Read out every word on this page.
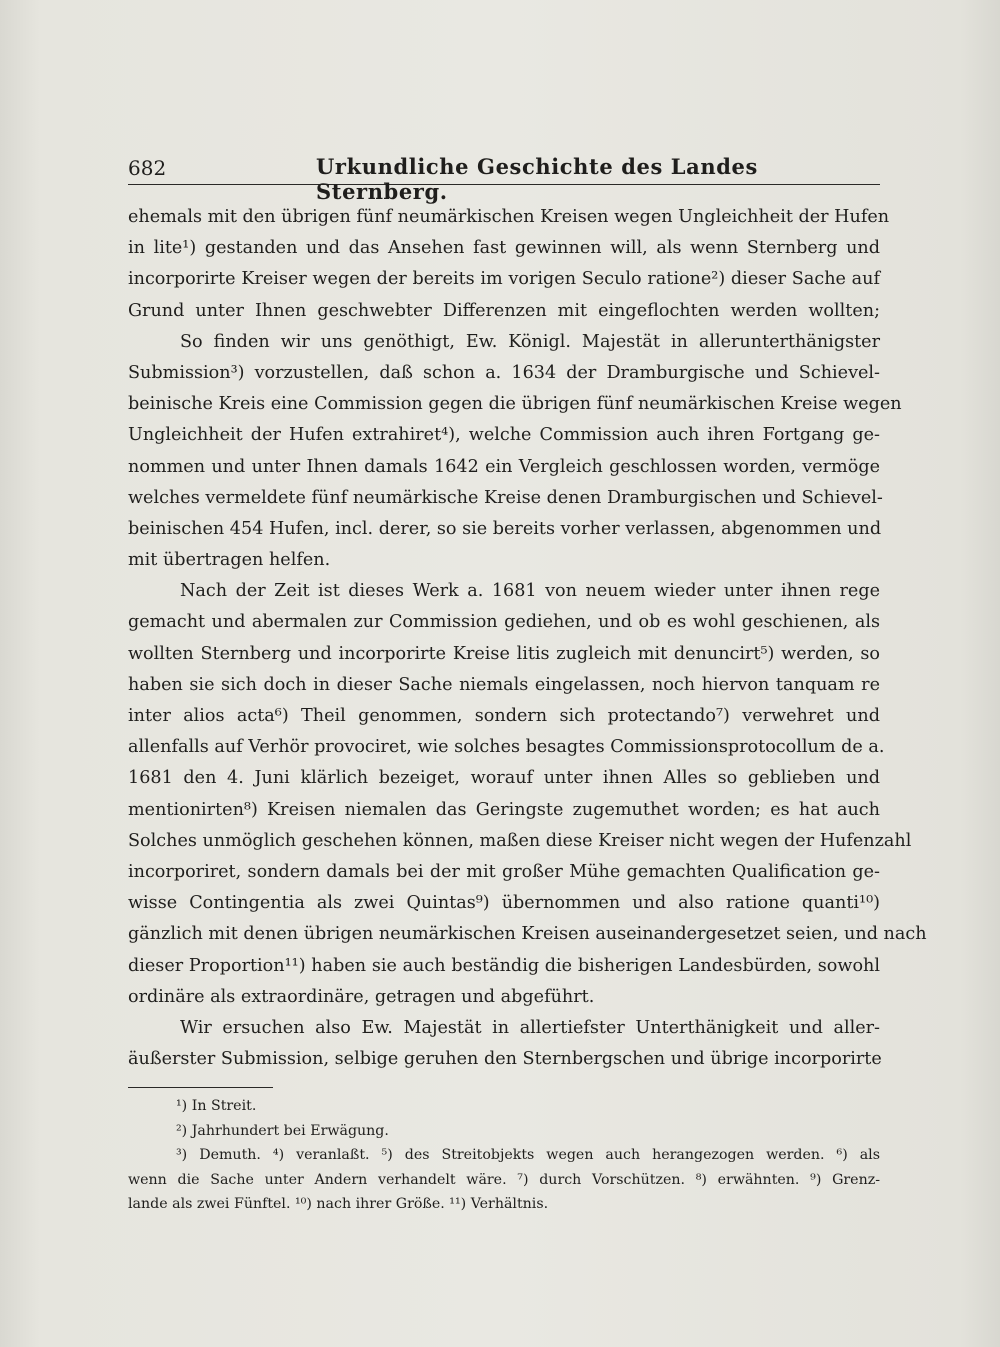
682	Urkundliche Geschichte des Landes Sternberg.
ehemals mit den übrigen fünf neumärkischen Kreisen wegen Ungleichheit der Hufen
in lite¹) gestanden und das Ansehen fast gewinnen will, als wenn Sternberg und
incorporirte Kreiser wegen der bereits im vorigen Seculo ratione²) dieser Sache auf
Grund unter Ihnen geschwebter Differenzen mit eingeflochten werden wollten;
So finden wir uns genöthigt, Ew. Königl. Majestät in allerunterthänigster
Submission³) vorzustellen, daß schon a. 1634 der Dramburgische und Schievel-
beinische Kreis eine Commission gegen die übrigen fünf neumärkischen Kreise wegen
Ungleichheit der Hufen extrahiret⁴), welche Commission auch ihren Fortgang ge-
nommen und unter Ihnen damals 1642 ein Vergleich geschlossen worden, vermöge
welches vermeldete fünf neumärkische Kreise denen Dramburgischen und Schievel-
beinischen 454 Hufen, incl. derer, so sie bereits vorher verlassen, abgenommen und
mit übertragen helfen.
Nach der Zeit ist dieses Werk a. 1681 von neuem wieder unter ihnen rege
gemacht und abermalen zur Commission gediehen, und ob es wohl geschienen, als
wollten Sternberg und incorporirte Kreise litis zugleich mit denuncirt⁵) werden, so
haben sie sich doch in dieser Sache niemals eingelassen, noch hiervon tanquam re
inter alios acta⁶) Theil genommen, sondern sich protectando⁷) verwehret und
allenfalls auf Verhör provociret, wie solches besagtes Commissionsprotocollum de a.
1681 den 4. Juni klärlich bezeiget, worauf unter ihnen Alles so geblieben und
mentionirten⁸) Kreisen niemalen das Geringste zugemuthet worden; es hat auch
Solches unmöglich geschehen können, maßen diese Kreiser nicht wegen der Hufenzahl
incorporiret, sondern damals bei der mit großer Mühe gemachten Qualification ge-
wisse Contingentia als zwei Quintas⁹) übernommen und also ratione quanti¹⁰)
gänzlich mit denen übrigen neumärkischen Kreisen auseinandergesetzet seien, und nach
dieser Proportion¹¹) haben sie auch beständig die bisherigen Landesbürden, sowohl
ordinäre als extraordinäre, getragen und abgeführt.
Wir ersuchen also Ew. Majestät in allertiefster Unterthänigkeit und aller-
äußerster Submission, selbige geruhen den Sternbergschen und übrige incorporirte
¹) In Streit.
²) Jahrhundert bei Erwägung.
³) Demuth. ⁴) veranlaßt. ⁵) des Streitobjekts wegen auch herangezogen werden. ⁶) als
wenn die Sache unter Andern verhandelt wäre. ⁷) durch Vorschützen. ⁸) erwähnten. ⁹) Grenz-
lande als zwei Fünftel. ¹⁰) nach ihrer Größe. ¹¹) Verhältnis.
